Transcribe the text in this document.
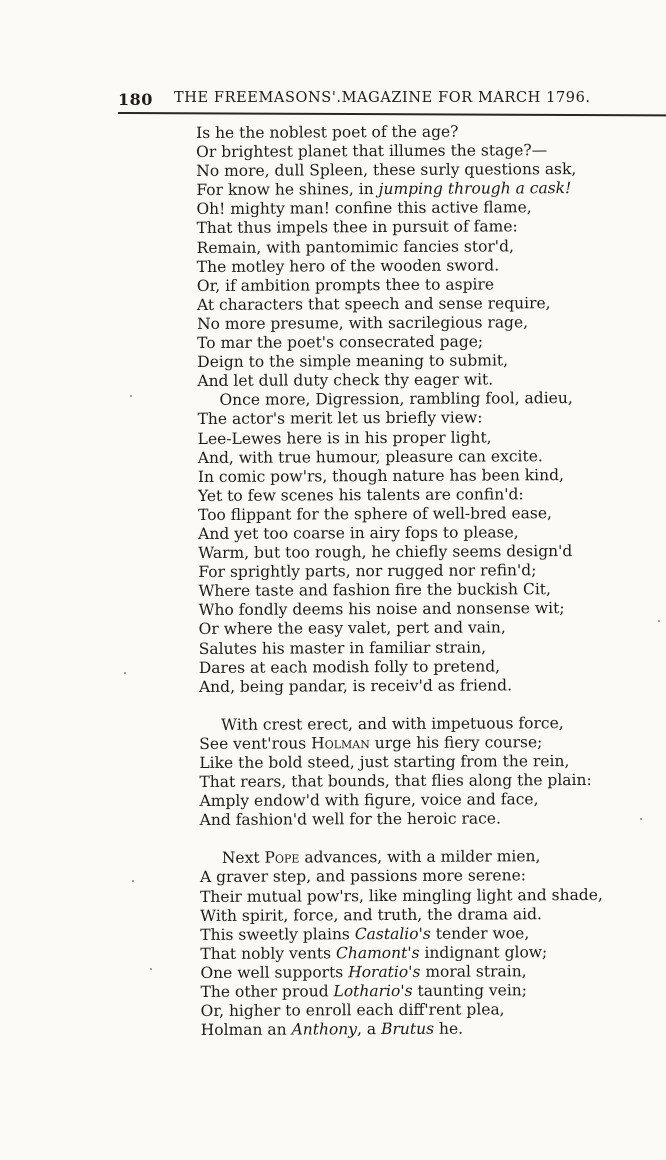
180 THE FREEMASONS'.MAGAZINE FOR MARCH 1796.
Is he the noblest poet of the age?
Or brightest planet that illumes the stage?—
No more, dull Spleen, these surly questions ask,
For know he shines, in jumping through a cask!
Oh! mighty man! confine this active flame,
That thus impels thee in pursuit of fame:
Remain, with pantomimic fancies stor'd,
The motley hero of the wooden sword.
Or, if ambition prompts thee to aspire
At characters that speech and sense require,
No more presume, with sacrilegious rage,
To mar the poet's consecrated page;
Deign to the simple meaning to submit,
And let dull duty check thy eager wit.
Once more, Digression, rambling fool, adieu,
The actor's merit let us briefly view:
Lee-Lewes here is in his proper light,
And, with true humour, pleasure can excite.
In comic pow'rs, though nature has been kind,
Yet to few scenes his talents are confin'd:
Too flippant for the sphere of well-bred ease,
And yet too coarse in airy fops to please,
Warm, but too rough, he chiefly seems design'd
For sprightly parts, nor rugged nor refin'd;
Where taste and fashion fire the buckish Cit,
Who fondly deems his noise and nonsense wit;
Or where the easy valet, pert and vain,
Salutes his master in familiar strain,
Dares at each modish folly to pretend,
And, being pandar, is receiv'd as friend.
With crest erect, and with impetuous force,
See vent'rous Holman urge his fiery course;
Like the bold steed, just starting from the rein,
That rears, that bounds, that flies along the plain:
Amply endow'd with figure, voice and face,
And fashion'd well for the heroic race.
Next Pope advances, with a milder mien,
A graver step, and passions more serene:
Their mutual pow'rs, like mingling light and shade,
With spirit, force, and truth, the drama aid.
This sweetly plains Castalio's tender woe,
That nobly vents Chamont's indignant glow;
One well supports Horatio's moral strain,
The other proud Lothario's taunting vein;
Or, higher to enroll each diff'rent plea,
Holman an Anthony, a Brutus he.
